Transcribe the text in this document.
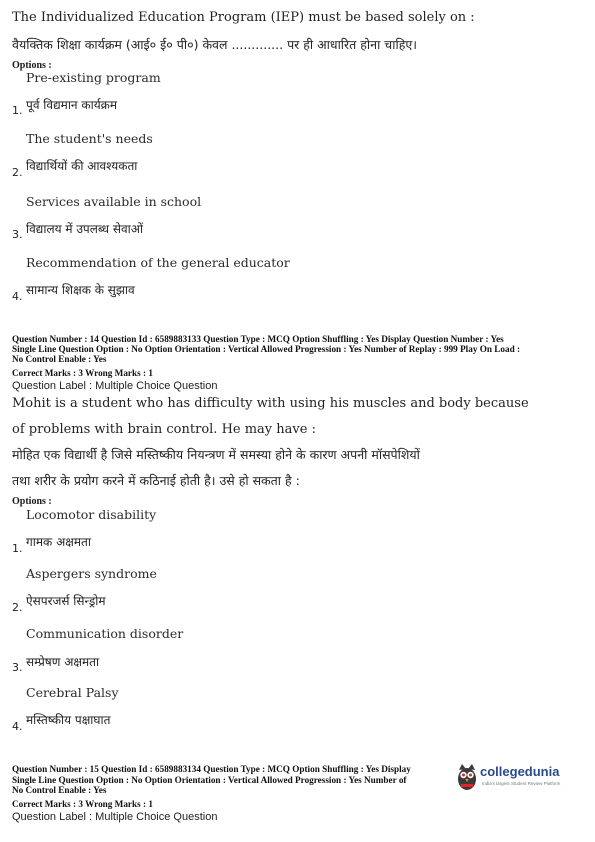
The Individualized Education Program (IEP) must be based solely on :
वैयक्तिक शिक्षा कार्यक्रम (आई० ई० पी०) केवल ............. पर ही आधारित होना चाहिए।
Options :
Pre-existing program
1. पूर्व विद्यमान कार्यक्रम
The student's needs
2. विद्यार्थियों की आवश्यकता
Services available in school
3. विद्यालय में उपलब्ध सेवाओं
Recommendation of the general educator
4. सामान्य शिक्षक के सुझाव
Question Number : 14 Question Id : 6589883133 Question Type : MCQ Option Shuffling : Yes Display Question Number : Yes
Single Line Question Option : No Option Orientation : Vertical Allowed Progression : Yes Number of Replay : 999 Play On Load :
No Control Enable : Yes
Correct Marks : 3 Wrong Marks : 1
Question Label : Multiple Choice Question
Mohit is a student who has difficulty with using his muscles and body because
of problems with brain control. He may have :
मोहित एक विद्यार्थी है जिसे मस्तिष्कीय नियन्त्रण में समस्या होने के कारण अपनी मॉसपेशियों
तथा शरीर के प्रयोग करने में कठिनाई होती है। उसे हो सकता है :
Options :
Locomotor disability
1. गामक अक्षमता
Aspergers syndrome
2. ऐसपरजर्स सिन्ड्रोम
Communication disorder
3. सम्प्रेषण अक्षमता
Cerebral Palsy
4. मस्तिष्कीय पक्षाघात
Question Number : 15 Question Id : 6589883134 Question Type : MCQ Option Shuffling : Yes Display
Single Line Question Option : No Option Orientation : Vertical Allowed Progression : Yes Number of
No Control Enable : Yes
Correct Marks : 3 Wrong Marks : 1
Question Label : Multiple Choice Question
collegedunia
India's largest Student Review Platform
